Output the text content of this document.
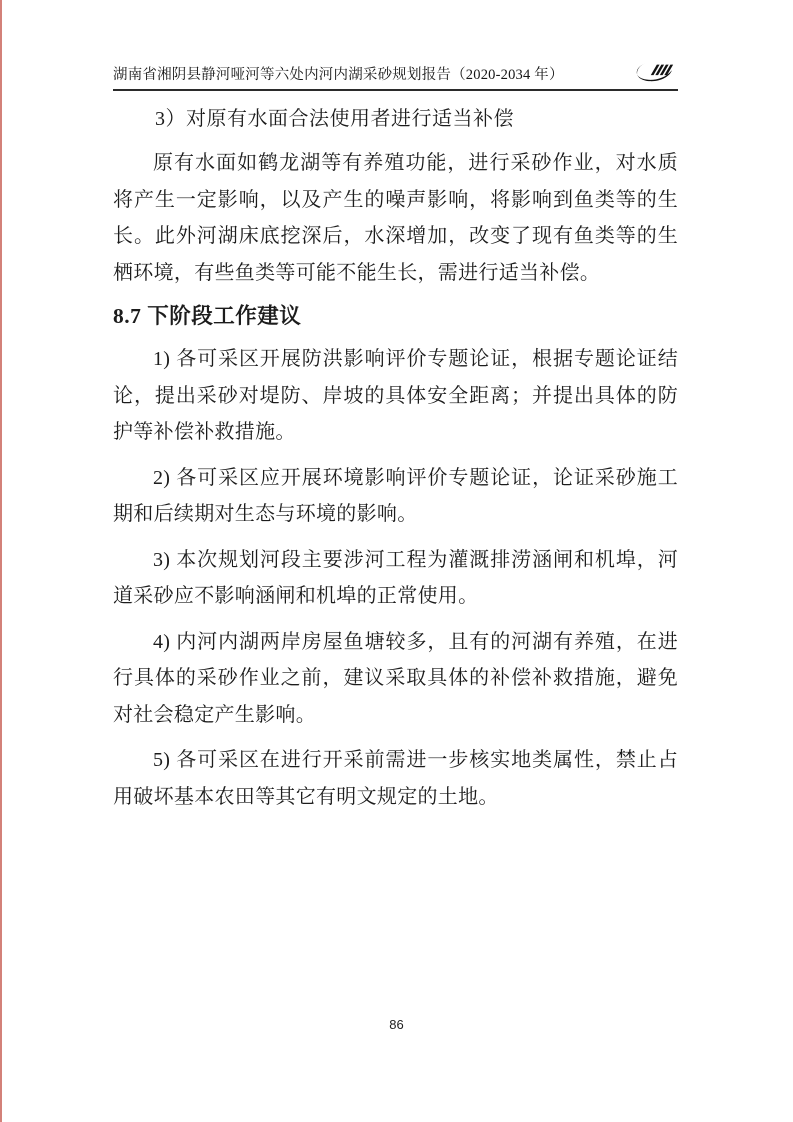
湖南省湘阴县静河哑河等六处内河内湖采砂规划报告（2020-2034 年）
3）对原有水面合法使用者进行适当补偿

原有水面如鹤龙湖等有养殖功能，进行采砂作业，对水质将产生一定影响，以及产生的噪声影响，将影响到鱼类等的生长。此外河湖床底挖深后，水深增加，改变了现有鱼类等的生栖环境，有些鱼类等可能不能生长，需进行适当补偿。

8.7 下阶段工作建议

1) 各可采区开展防洪影响评价专题论证，根据专题论证结论，提出采砂对堤防、岸坡的具体安全距离；并提出具体的防护等补偿补救措施。

2) 各可采区应开展环境影响评价专题论证，论证采砂施工期和后续期对生态与环境的影响。

3) 本次规划河段主要涉河工程为灌溉排涝涵闸和机埠，河道采砂应不影响涵闸和机埠的正常使用。

4) 内河内湖两岸房屋鱼塘较多，且有的河湖有养殖，在进行具体的采砂作业之前，建议采取具体的补偿补救措施，避免对社会稳定产生影响。

5) 各可采区在进行开采前需进一步核实地类属性，禁止占用破坏基本农田等其它有明文规定的土地。

86
